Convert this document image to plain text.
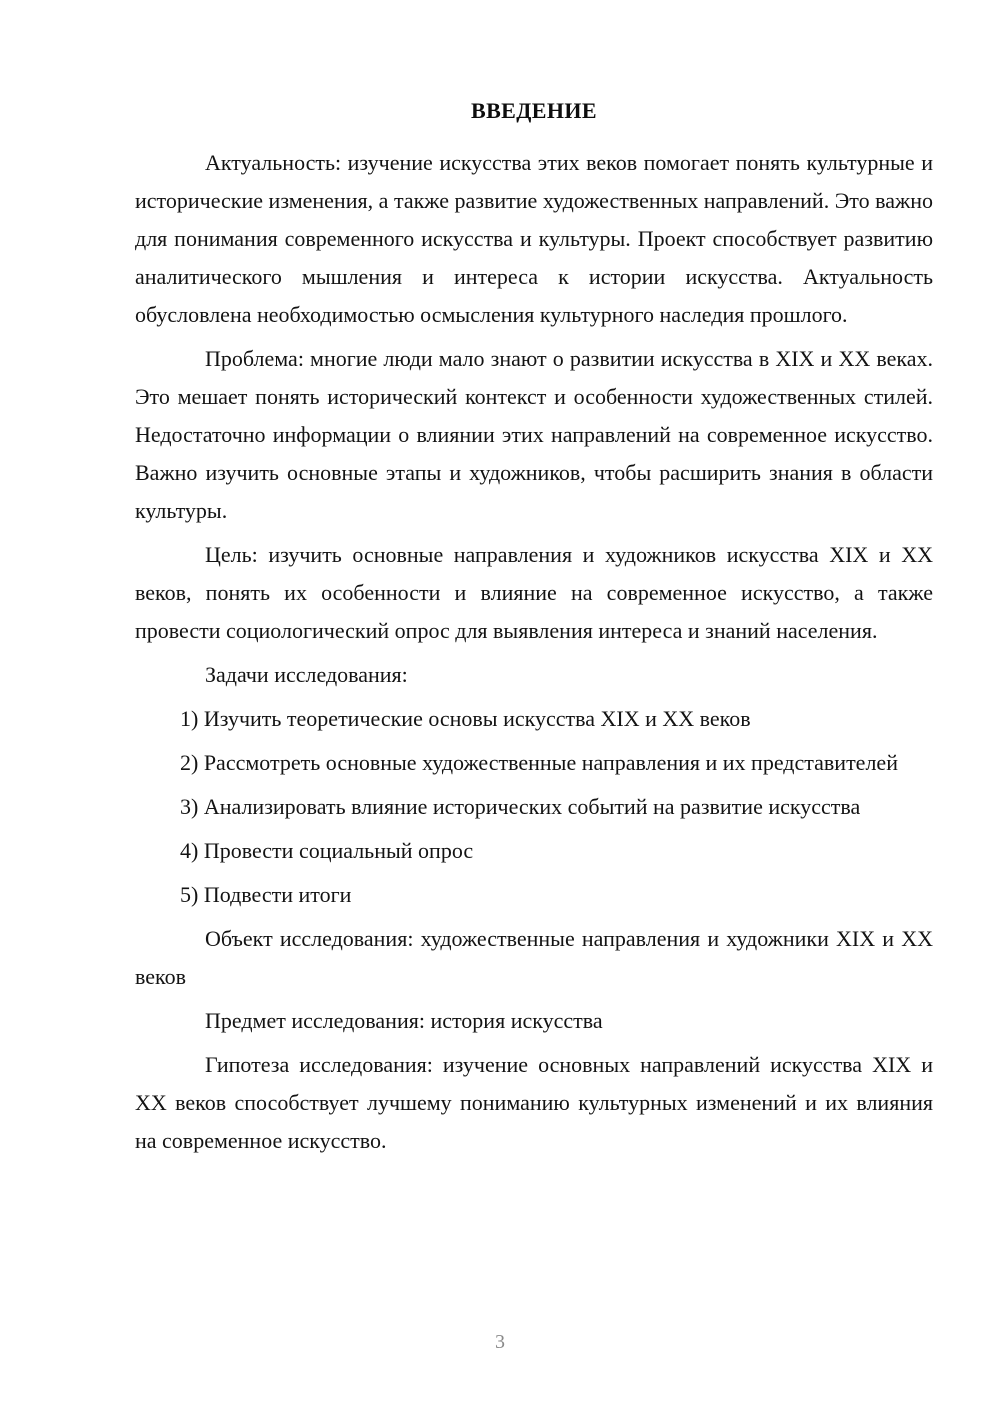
ВВЕДЕНИЕ

Актуальность: изучение искусства этих веков помогает понять культурные и исторические изменения, а также развитие художественных направлений. Это важно для понимания современного искусства и культуры. Проект способствует развитию аналитического мышления и интереса к истории искусства. Актуальность обусловлена необходимостью осмысления культурного наследия прошлого.

Проблема: многие люди мало знают о развитии искусства в XIX и XX веках. Это мешает понять исторический контекст и особенности художественных стилей. Недостаточно информации о влиянии этих направлений на современное искусство. Важно изучить основные этапы и художников, чтобы расширить знания в области культуры.

Цель: изучить основные направления и художников искусства XIX и XX веков, понять их особенности и влияние на современное искусство, а также провести социологический опрос для выявления интереса и знаний населения.

Задачи исследования:

1) Изучить теоретические основы искусства XIX и XX веков

2) Рассмотреть основные художественные направления и их представителей

3) Анализировать влияние исторических событий на развитие искусства

4) Провести социальный опрос

5) Подвести итоги

Объект исследования: художественные направления и художники XIX и XX веков

Предмет исследования: история искусства

Гипотеза исследования: изучение основных направлений искусства XIX и XX веков способствует лучшему пониманию культурных изменений и их влияния на современное искусство.

3
